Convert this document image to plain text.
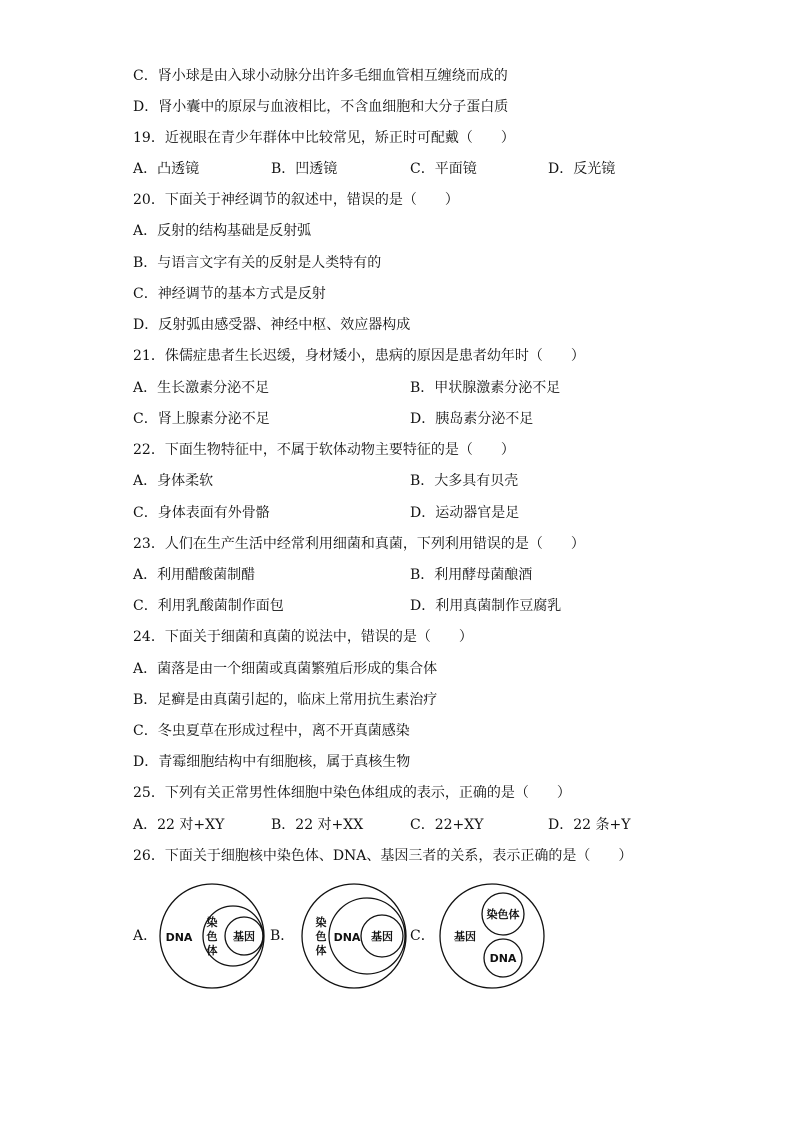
C．肾小球是由入球小动脉分出许多毛细血管相互缠绕而成的
D．肾小囊中的原尿与血液相比，不含血细胞和大分子蛋白质
19．近视眼在青少年群体中比较常见，矫正时可配戴（　　）
A．凸透镜	B．凹透镜	C．平面镜	D．反光镜
20．下面关于神经调节的叙述中，错误的是（　　）
A．反射的结构基础是反射弧
B．与语言文字有关的反射是人类特有的
C．神经调节的基本方式是反射
D．反射弧由感受器、神经中枢、效应器构成
21．侏儒症患者生长迟缓，身材矮小，患病的原因是患者幼年时（　　）
A．生长激素分泌不足	B．甲状腺激素分泌不足
C．肾上腺素分泌不足	D．胰岛素分泌不足
22．下面生物特征中，不属于软体动物主要特征的是（　　）
A．身体柔软	B．大多具有贝壳
C．身体表面有外骨骼	D．运动器官是足
23．人们在生产生活中经常利用细菌和真菌，下列利用错误的是（　　）
A．利用醋酸菌制醋	B．利用酵母菌酿酒
C．利用乳酸菌制作面包	D．利用真菌制作豆腐乳
24．下面关于细菌和真菌的说法中，错误的是（　　）
A．菌落是由一个细菌或真菌繁殖后形成的集合体
B．足癣是由真菌引起的，临床上常用抗生素治疗
C．冬虫夏草在形成过程中，离不开真菌感染
D．青霉细胞结构中有细胞核，属于真核生物
25．下列有关正常男性体细胞中染色体组成的表示，正确的是（　　）
A．22 对+XY	B．22 对+XX	C．22+XY	D．22 条+Y
26．下面关于细胞核中染色体、DNA、基因三者的关系，表示正确的是（　　）
A．	B．	C．
DNA
染
色
体
基因
染
色
体
DNA 基因	基因
染色体
DNA
